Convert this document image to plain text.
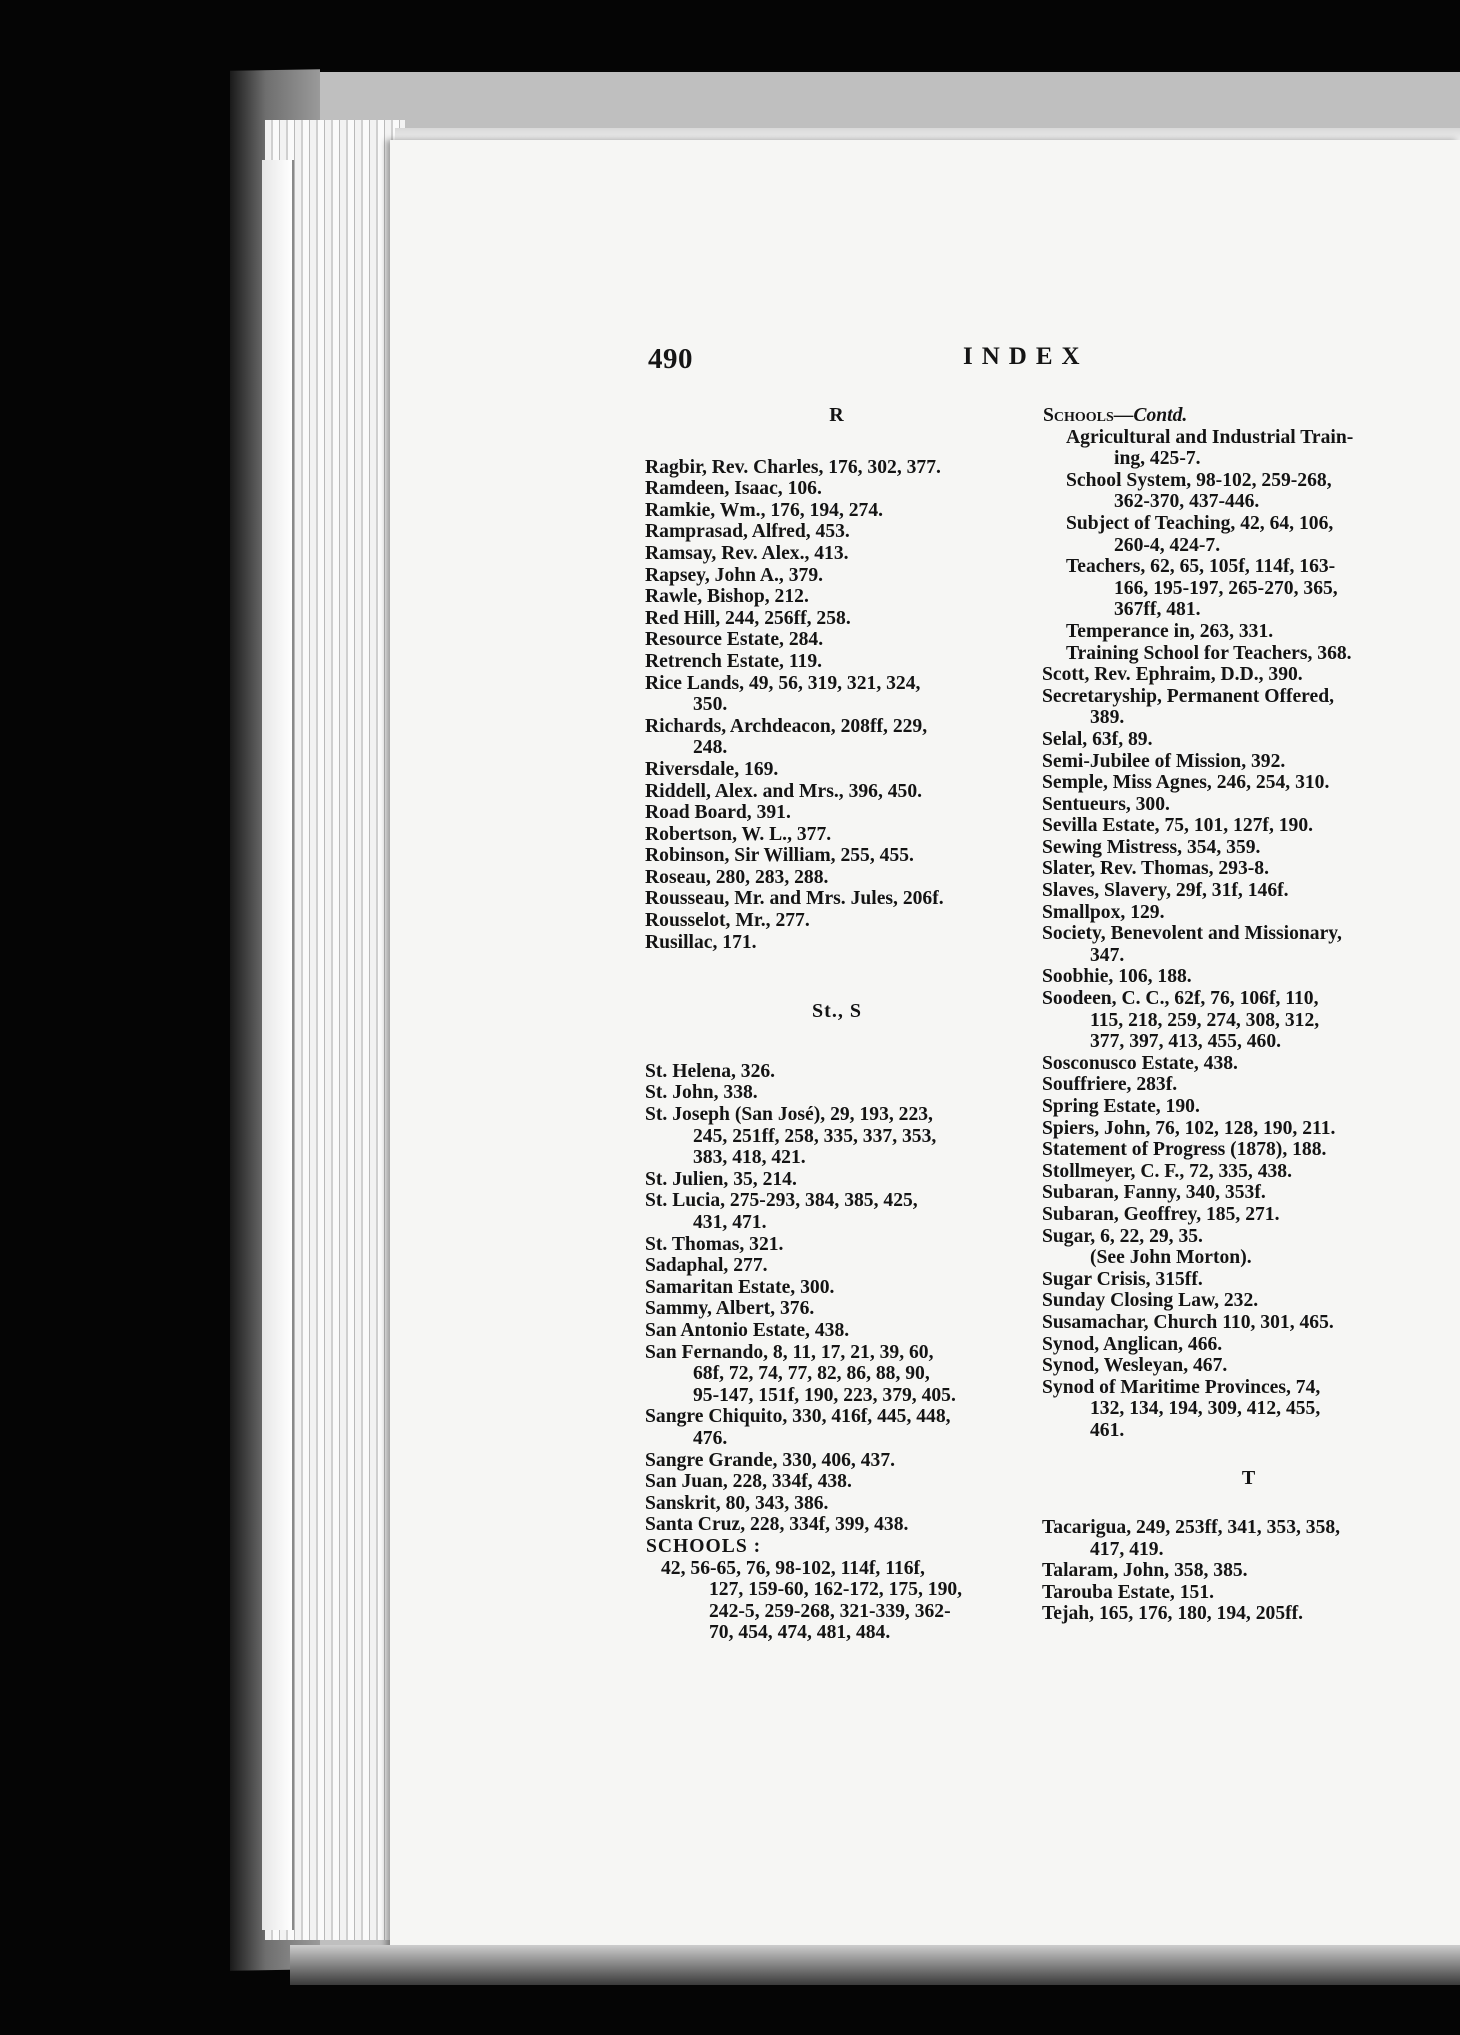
490	INDEX
R
Ragbir, Rev. Charles, 176, 302, 377.
Ramdeen, Isaac, 106.
Ramkie, Wm., 176, 194, 274.
Ramprasad, Alfred, 453.
Ramsay, Rev. Alex., 413.
Rapsey, John A., 379.
Rawle, Bishop, 212.
Red Hill, 244, 256ff, 258.
Resource Estate, 284.
Retrench Estate, 119.
Rice Lands, 49, 56, 319, 321, 324,
350.
Richards, Archdeacon, 208ff, 229,
248.
Riversdale, 169.
Riddell, Alex. and Mrs., 396, 450.
Road Board, 391.
Robertson, W. L., 377.
Robinson, Sir William, 255, 455.
Roseau, 280, 283, 288.
Rousseau, Mr. and Mrs. Jules, 206f.
Rousselot, Mr., 277.
Rusillac, 171.
St., S
St. Helena, 326.
St. John, 338.
St. Joseph (San José), 29, 193, 223,
245, 251ff, 258, 335, 337, 353,
383, 418, 421.
St. Julien, 35, 214.
St. Lucia, 275-293, 384, 385, 425,
431, 471.
St. Thomas, 321.
Sadaphal, 277.
Samaritan Estate, 300.
Sammy, Albert, 376.
San Antonio Estate, 438.
San Fernando, 8, 11, 17, 21, 39, 60,
68f, 72, 74, 77, 82, 86, 88, 90,
95-147, 151f, 190, 223, 379, 405.
Sangre Chiquito, 330, 416f, 445, 448,
476.
Sangre Grande, 330, 406, 437.
San Juan, 228, 334f, 438.
Sanskrit, 80, 343, 386.
Santa Cruz, 228, 334f, 399, 438.
SCHOOLS :
42, 56-65, 76, 98-102, 114f, 116f,
127, 159-60, 162-172, 175, 190,
242-5, 259-268, 321-339, 362-
70, 454, 474, 481, 484.
Schools—Contd.
Agricultural and Industrial Train-
ing, 425-7.
School System, 98-102, 259-268,
362-370, 437-446.
Subject of Teaching, 42, 64, 106,
260-4, 424-7.
Teachers, 62, 65, 105f, 114f, 163-
166, 195-197, 265-270, 365,
367ff, 481.
Temperance in, 263, 331.
Training School for Teachers, 368.
Scott, Rev. Ephraim, D.D., 390.
Secretaryship, Permanent Offered,
389.
Selal, 63f, 89.
Semi-Jubilee of Mission, 392.
Semple, Miss Agnes, 246, 254, 310.
Sentueurs, 300.
Sevilla Estate, 75, 101, 127f, 190.
Sewing Mistress, 354, 359.
Slater, Rev. Thomas, 293-8.
Slaves, Slavery, 29f, 31f, 146f.
Smallpox, 129.
Society, Benevolent and Missionary,
347.
Soobhie, 106, 188.
Soodeen, C. C., 62f, 76, 106f, 110,
115, 218, 259, 274, 308, 312,
377, 397, 413, 455, 460.
Sosconusco Estate, 438.
Souffriere, 283f.
Spring Estate, 190.
Spiers, John, 76, 102, 128, 190, 211.
Statement of Progress (1878), 188.
Stollmeyer, C. F., 72, 335, 438.
Subaran, Fanny, 340, 353f.
Subaran, Geoffrey, 185, 271.
Sugar, 6, 22, 29, 35.
(See John Morton).
Sugar Crisis, 315ff.
Sunday Closing Law, 232.
Susamachar, Church 110, 301, 465.
Synod, Anglican, 466.
Synod, Wesleyan, 467.
Synod of Maritime Provinces, 74,
132, 134, 194, 309, 412, 455,
461.
T
Tacarigua, 249, 253ff, 341, 353, 358,
417, 419.
Talaram, John, 358, 385.
Tarouba Estate, 151.
Tejah, 165, 176, 180, 194, 205ff.
